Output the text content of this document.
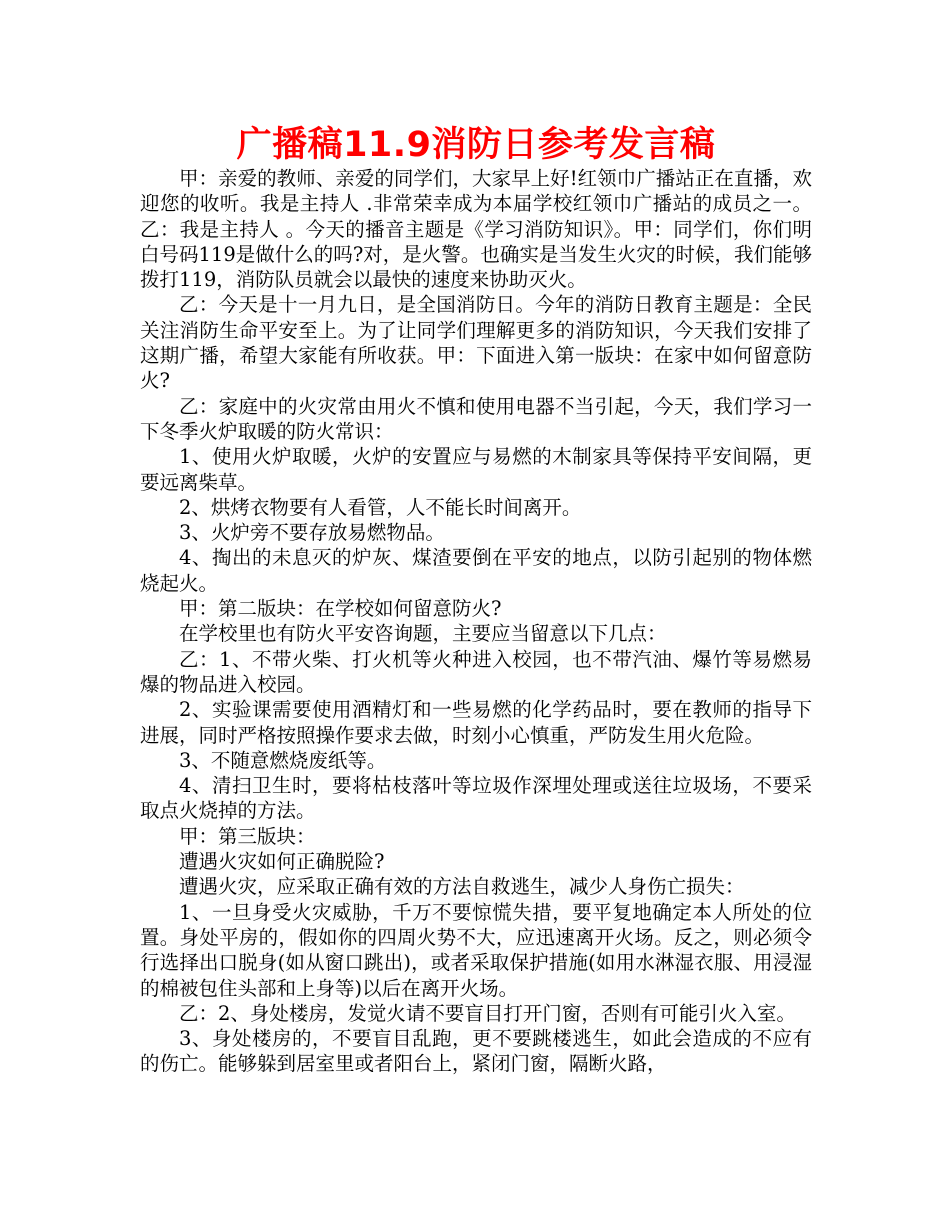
广播稿11.9消防日参考发言稿

甲：亲爱的教师、亲爱的同学们，大家早上好!红领巾广播站正在直播，欢迎您的收听。我是主持人 .非常荣幸成为本届学校红领巾广播站的成员之一。乙：我是主持人 。今天的播音主题是《学习消防知识》。甲：同学们，你们明白号码119是做什么的吗?对，是火警。也确实是当发生火灾的时候，我们能够拨打119，消防队员就会以最快的速度来协助灭火。

乙：今天是十一月九日，是全国消防日。今年的消防日教育主题是：全民关注消防生命平安至上。为了让同学们理解更多的消防知识，今天我们安排了这期广播，希望大家能有所收获。甲：下面进入第一版块：在家中如何留意防火?

乙：家庭中的火灾常由用火不慎和使用电器不当引起，今天，我们学习一下冬季火炉取暖的防火常识：

1、使用火炉取暖，火炉的安置应与易燃的木制家具等保持平安间隔，更要远离柴草。

2、烘烤衣物要有人看管，人不能长时间离开。

3、火炉旁不要存放易燃物品。

4、掏出的未息灭的炉灰、煤渣要倒在平安的地点，以防引起别的物体燃烧起火。

甲：第二版块：在学校如何留意防火?

在学校里也有防火平安咨询题，主要应当留意以下几点：

乙：1、不带火柴、打火机等火种进入校园，也不带汽油、爆竹等易燃易爆的物品进入校园。

2、实验课需要使用酒精灯和一些易燃的化学药品时，要在教师的指导下进展，同时严格按照操作要求去做，时刻小心慎重，严防发生用火危险。

3、不随意燃烧废纸等。

4、清扫卫生时，要将枯枝落叶等垃圾作深埋处理或送往垃圾场，不要采取点火烧掉的方法。

甲：第三版块：

遭遇火灾如何正确脱险?

遭遇火灾，应采取正确有效的方法自救逃生，减少人身伤亡损失：

1、一旦身受火灾威胁，千万不要惊慌失措，要平复地确定本人所处的位置。身处平房的，假如你的四周火势不大，应迅速离开火场。反之，则必须令行选择出口脱身(如从窗口跳出)，或者采取保护措施(如用水淋湿衣服、用浸湿的棉被包住头部和上身等)以后在离开火场。

乙：2、身处楼房，发觉火请不要盲目打开门窗，否则有可能引火入室。

3、身处楼房的，不要盲目乱跑，更不要跳楼逃生，如此会造成的不应有的伤亡。能够躲到居室里或者阳台上，紧闭门窗，隔断火路，
